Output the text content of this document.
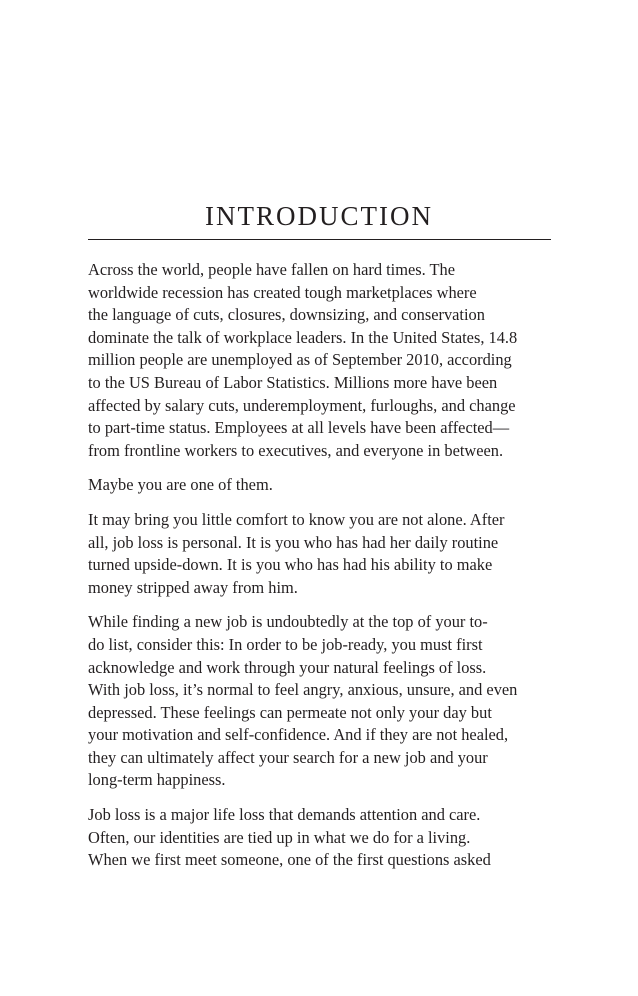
INTRODUCTION
Across the world, people have fallen on hard times. The
worldwide recession has created tough marketplaces where
the language of cuts, closures, downsizing, and conservation
dominate the talk of workplace leaders. In the United States, 14.8
million people are unemployed as of September 2010, according
to the US Bureau of Labor Statistics. Millions more have been
affected by salary cuts, underemployment, furloughs, and change
to part-time status. Employees at all levels have been affected—
from frontline workers to executives, and everyone in between.
Maybe you are one of them.
It may bring you little comfort to know you are not alone. After
all, job loss is personal. It is you who has had her daily routine
turned upside-down. It is you who has had his ability to make
money stripped away from him.
While finding a new job is undoubtedly at the top of your to-
do list, consider this: In order to be job-ready, you must first
acknowledge and work through your natural feelings of loss.
With job loss, it’s normal to feel angry, anxious, unsure, and even
depressed. These feelings can permeate not only your day but
your motivation and self-confidence. And if they are not healed,
they can ultimately affect your search for a new job and your
long-term happiness.
Job loss is a major life loss that demands attention and care.
Often, our identities are tied up in what we do for a living.
When we first meet someone, one of the first questions asked
